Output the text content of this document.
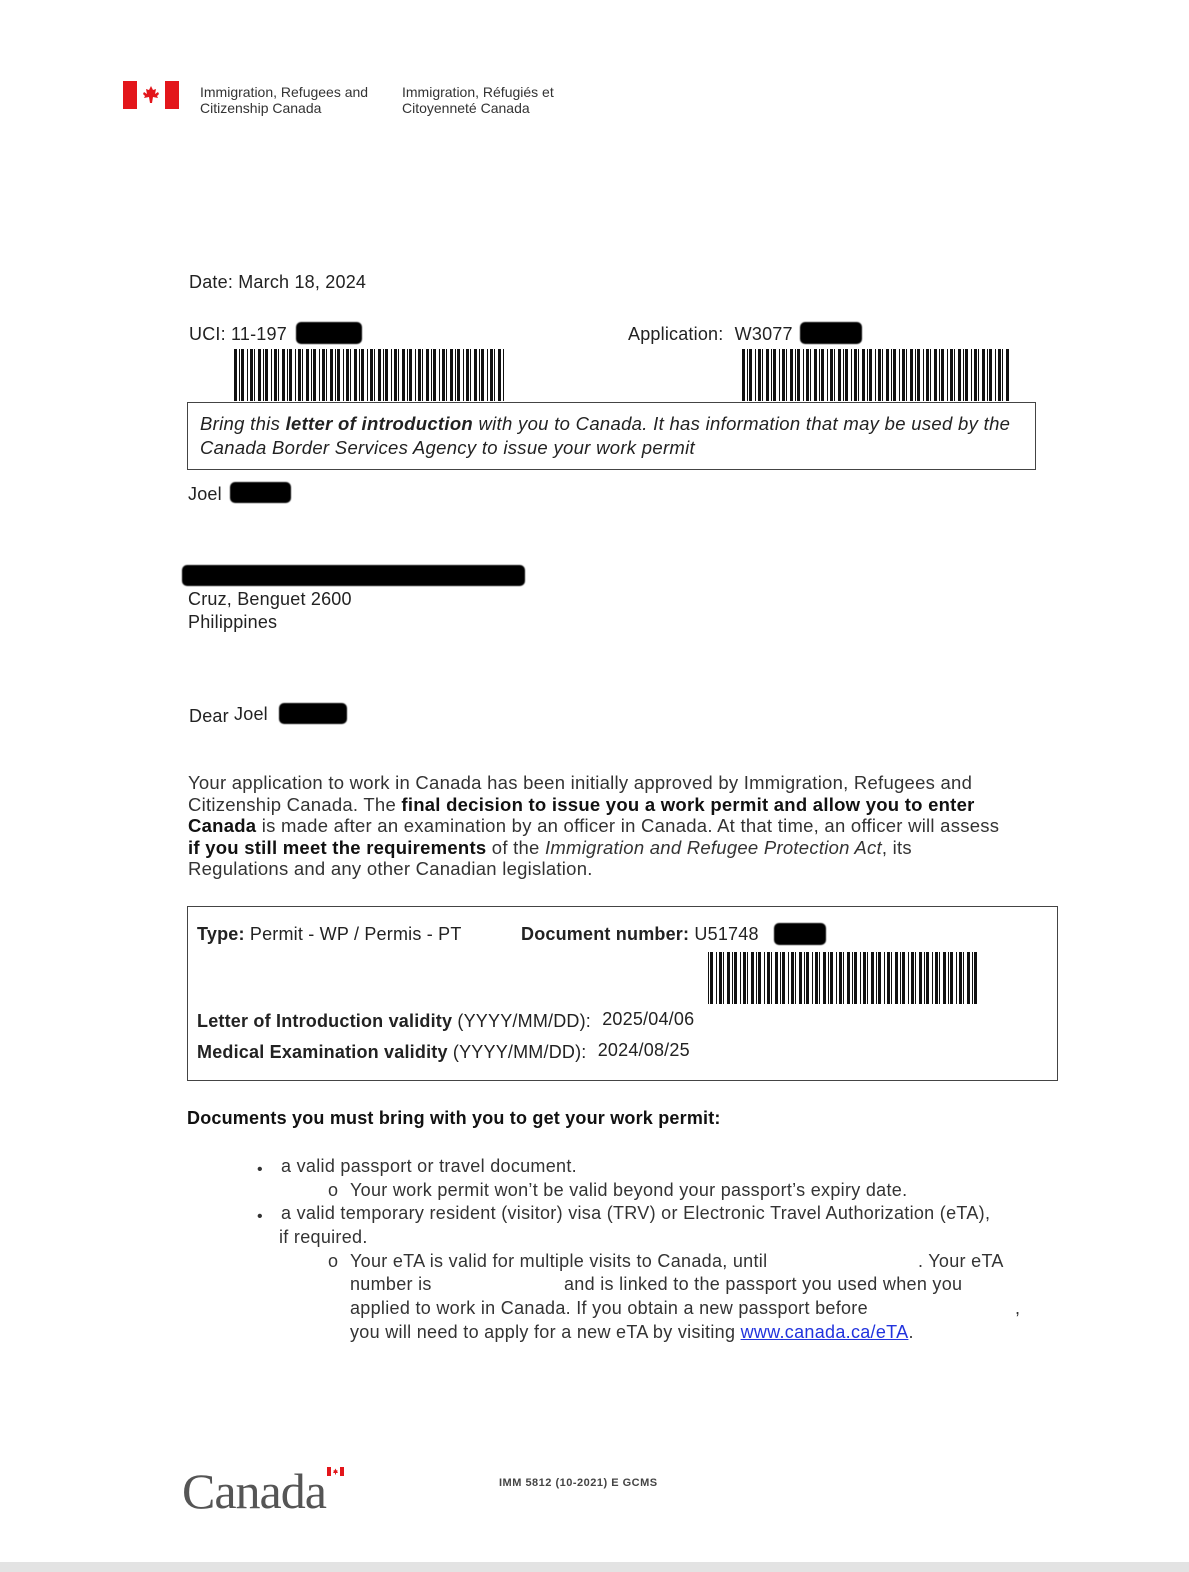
Immigration, Refugees and
Citizenship Canada
Immigration, Réfugiés et
Citoyenneté Canada
Date: March 18, 2024
UCI: 11-197	Application: W3077
Bring this letter of introduction with you to Canada. It has information that may be used by the
Canada Border Services Agency to issue your work permit
Joel
Cruz, Benguet 2600
Philippines
Dear Joel
Your application to work in Canada has been initially approved by Immigration, Refugees and
Citizenship Canada. The final decision to issue you a work permit and allow you to enter
Canada is made after an examination by an officer in Canada. At that time, an officer will assess
if you still meet the requirements of the Immigration and Refugee Protection Act, its
Regulations and any other Canadian legislation.
Type: Permit - WP / Permis - PT	Document number: U51748
Letter of Introduction validity (YYYY/MM/DD): 2025/04/06
Medical Examination validity (YYYY/MM/DD): 2024/08/25
Documents you must bring with you to get your work permit:
• a valid passport or travel document.
o Your work permit won’t be valid beyond your passport’s expiry date.
• a valid temporary resident (visitor) visa (TRV) or Electronic Travel Authorization (eTA),
if required.
o Your eTA is valid for multiple visits to Canada, until	. Your eTA
number is	and is linked to the passport you used when you
applied to work in Canada. If you obtain a new passport before	,
you will need to apply for a new eTA by visiting www.canada.ca/eTA.
Canada	IMM 5812 (10-2021) E GCMS
